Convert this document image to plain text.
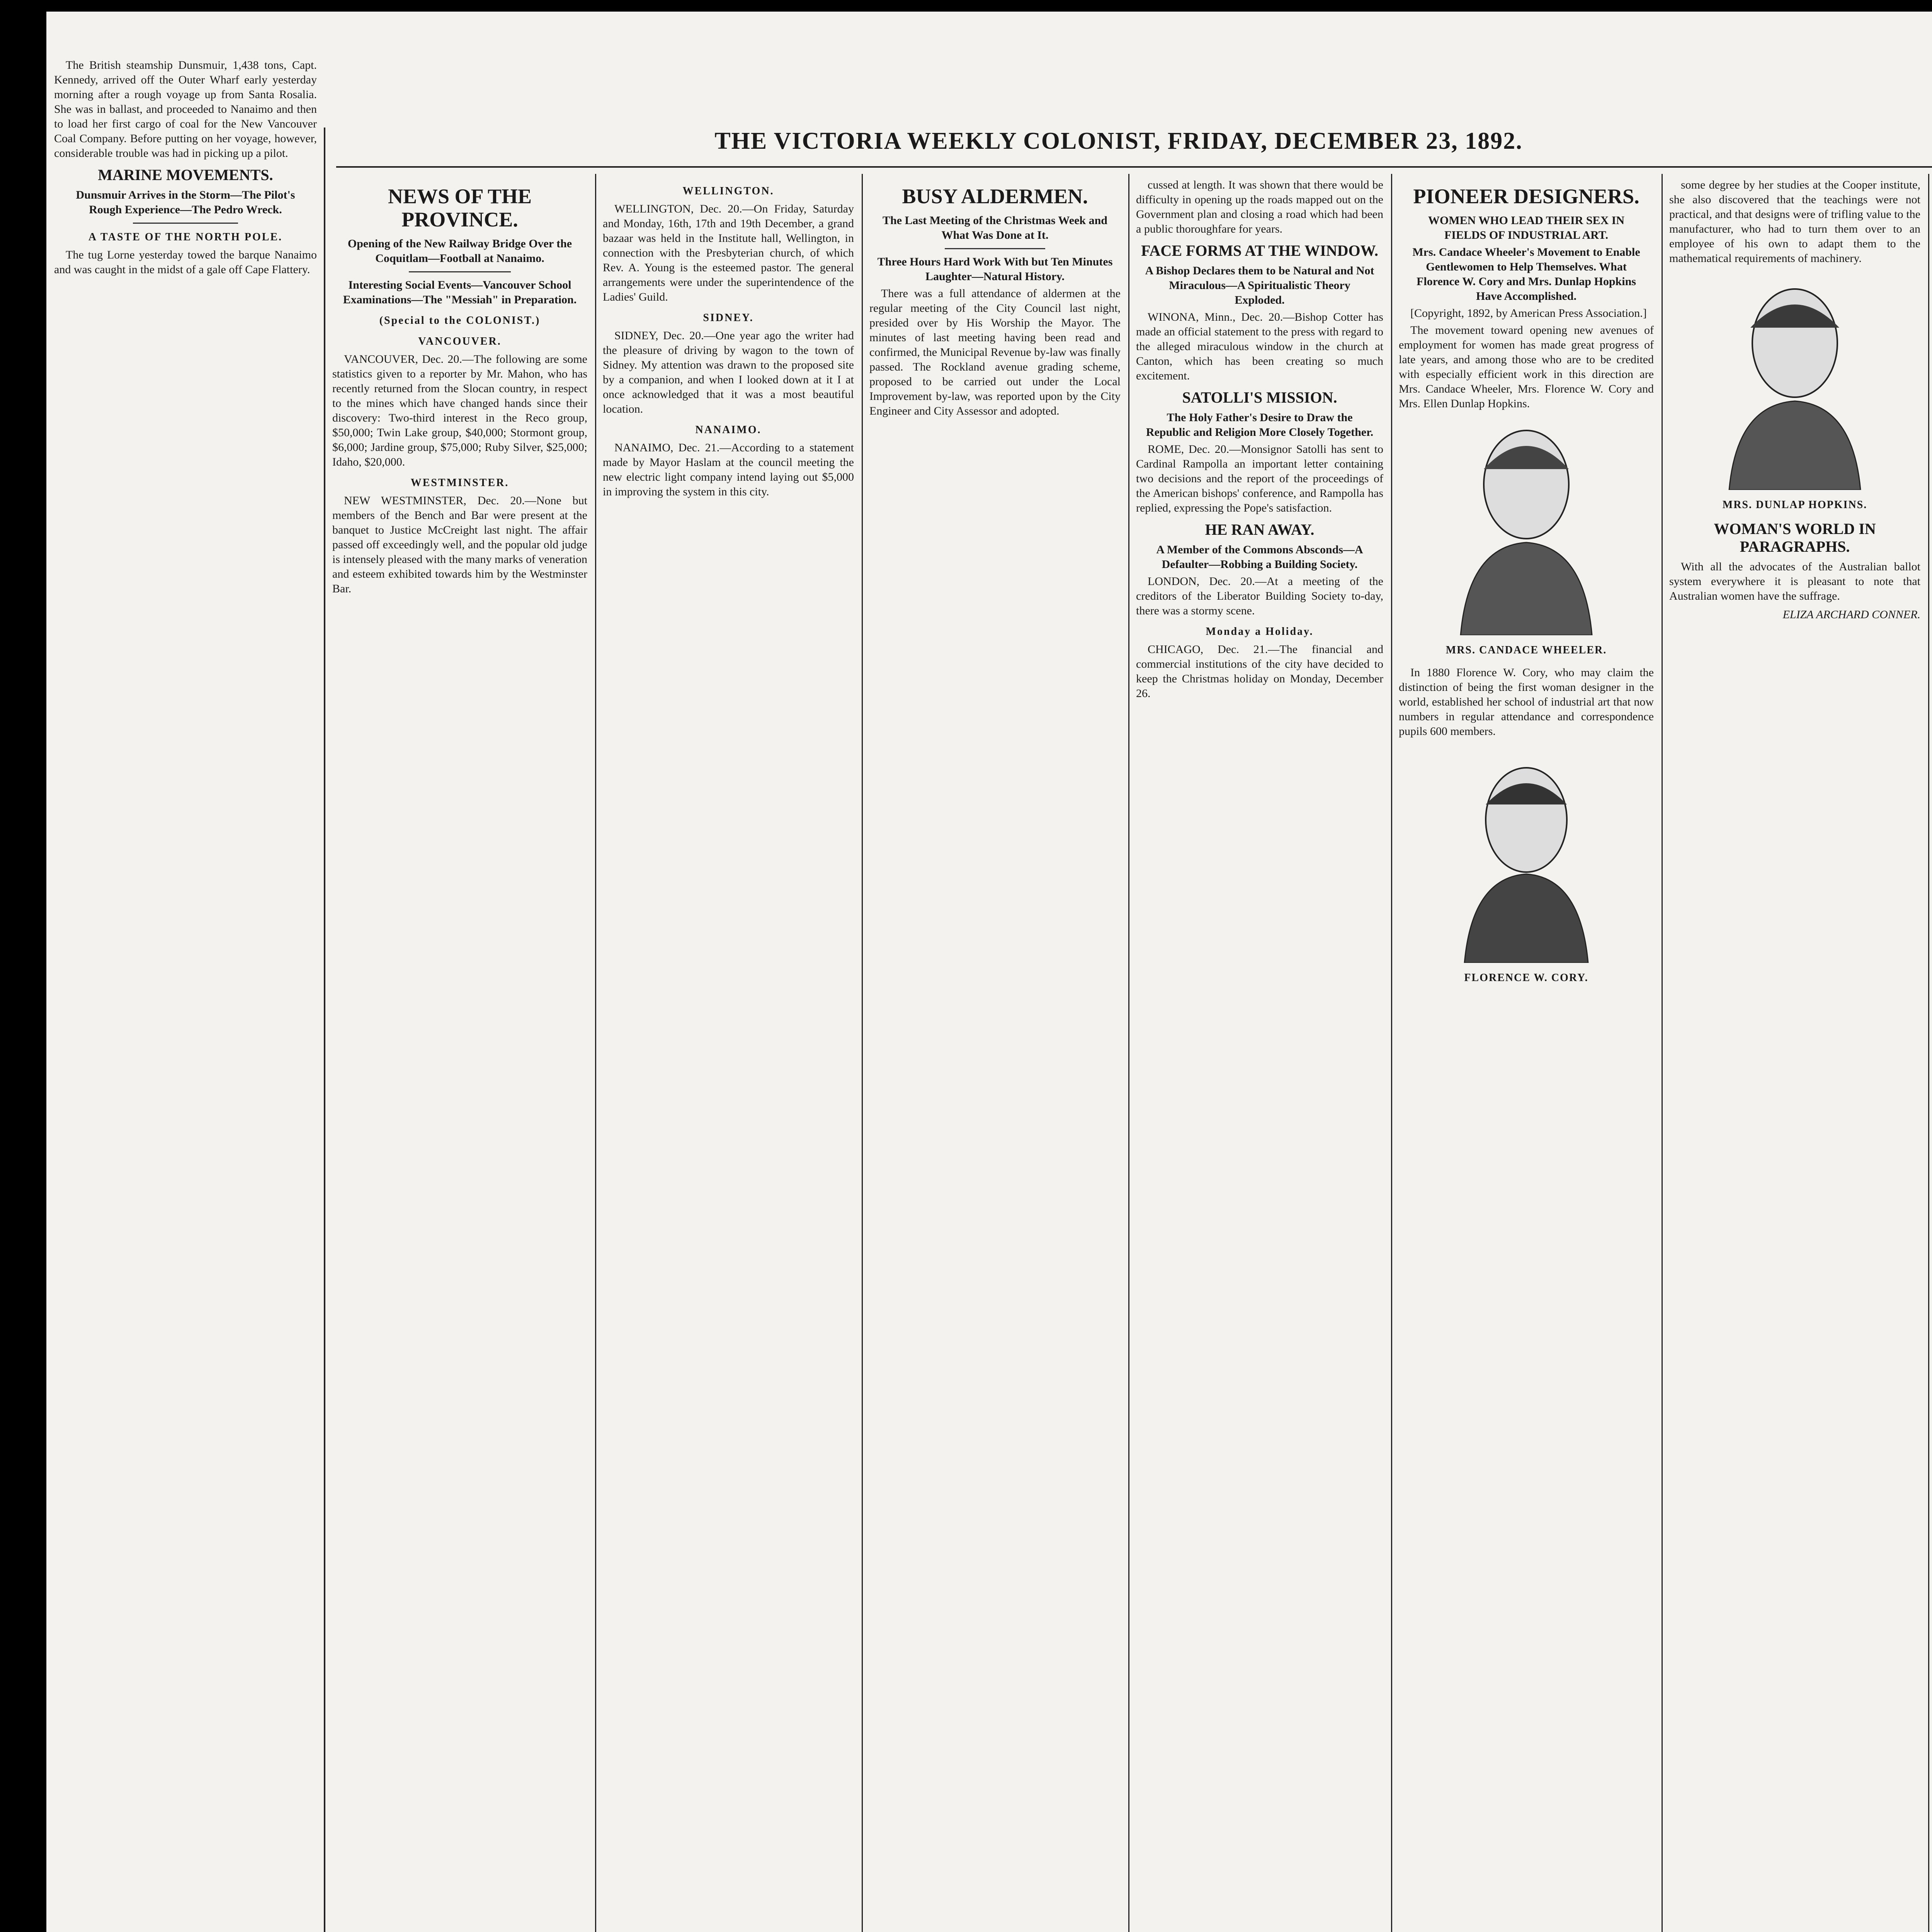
THE VICTORIA WEEKLY COLONIST, FRIDAY, DECEMBER 23, 1892.

The British steamship Dunsmuir, 1,438 tons, Capt. Kennedy, arrived off the Outer Wharf early yesterday morning after a rough voyage up from Santa Rosalia. She was in ballast, and proceeded to Nanaimo and then to load her first cargo of coal for the New Vancouver Coal Company. Before putting on her voyage, however, considerable trouble was had in picking up a pilot.

MARINE MOVEMENTS.
Dunsmuir Arrives in the Storm—The Pilot's Rough Experience—The Pedro Wreck.
A TASTE OF THE NORTH POLE.

The tug Lorne yesterday towed the barque Nanaimo and was caught in the midst of a gale off Cape Flattery.

NEWS OF THE PROVINCE.
Opening of the New Railway Bridge Over the Coquitlam—Football at Nanaimo.
Interesting Social Events—Vancouver School Examinations—The "Messiah" in Preparation.
(Special to the COLONIST.)
VANCOUVER.

VANCOUVER, Dec. 20.—The following are some statistics given to a reporter by Mr. Mahon, who has recently returned from the Slocan country, in respect to the mines which have changed hands since their discovery: Two-third interest in the Reco group, $50,000; Twin Lake group, $40,000; Stormont group, $6,000; Jardine group, $75,000; Ruby Silver, $25,000; Idaho, $20,000.

WESTMINSTER.

NEW WESTMINSTER, Dec. 20.—None but members of the Bench and Bar were present at the banquet to Justice McCreight last night. The affair passed off exceedingly well, and the popular old judge is intensely pleased with the many marks of veneration and esteem exhibited towards him by the Westminster Bar.

WELLINGTON.

WELLINGTON, Dec. 20.—On Friday, Saturday and Monday, 16th, 17th and 19th December, a grand bazaar was held in the Institute hall, Wellington, in connection with the Presbyterian church, of which Rev. A. Young is the esteemed pastor. The general arrangements were under the superintendence of the Ladies' Guild.

SIDNEY.

SIDNEY, Dec. 20.—One year ago the writer had the pleasure of driving by wagon to the town of Sidney. My attention was drawn to the proposed site by a companion, and when I looked down at it I at once acknowledged that it was a most beautiful location.

NANAIMO.

NANAIMO, Dec. 21.—According to a statement made by Mayor Haslam at the council meeting the new electric light company intend laying out $5,000 in improving the system in this city.

BUSY ALDERMEN.
The Last Meeting of the Christmas Week and What Was Done at It.
Three Hours Hard Work With but Ten Minutes Laughter—Natural History.

There was a full attendance of aldermen at the regular meeting of the City Council last night, presided over by His Worship the Mayor. The minutes of last meeting having been read and confirmed, the Municipal Revenue by-law was finally passed. The Rockland avenue grading scheme, proposed to be carried out under the Local Improvement by-law, was reported upon by the City Engineer and City Assessor and adopted.

cussed at length. It was shown that there would be difficulty in opening up the roads mapped out on the Government plan and closing a road which had been a public thoroughfare for years.

FACE FORMS AT THE WINDOW.
A Bishop Declares them to be Natural and Not Miraculous—A Spiritualistic Theory Exploded.

WINONA, Minn., Dec. 20.—Bishop Cotter has made an official statement to the press with regard to the alleged miraculous window in the church at Canton, which has been creating so much excitement.

SATOLLI'S MISSION.
The Holy Father's Desire to Draw the Republic and Religion More Closely Together.

ROME, Dec. 20.—Monsignor Satolli has sent to Cardinal Rampolla an important letter containing two decisions and the report of the proceedings of the American bishops' conference, and Rampolla has replied, expressing the Pope's satisfaction.

HE RAN AWAY.
A Member of the Commons Absconds—A Defaulter—Robbing a Building Society.

LONDON, Dec. 20.—At a meeting of the creditors of the Liberator Building Society to-day, there was a stormy scene.

Monday a Holiday.

CHICAGO, Dec. 21.—The financial and commercial institutions of the city have decided to keep the Christmas holiday on Monday, December 26.

PIONEER DESIGNERS.
WOMEN WHO LEAD THEIR SEX IN FIELDS OF INDUSTRIAL ART.
Mrs. Candace Wheeler's Movement to Enable Gentlewomen to Help Themselves. What Florence W. Cory and Mrs. Dunlap Hopkins Have Accomplished.

[Copyright, 1892, by American Press Association.]

The movement toward opening new avenues of employment for women has made great progress of late years, and among those who are to be credited with especially efficient work in this direction are Mrs. Candace Wheeler, Mrs. Florence W. Cory and Mrs. Ellen Dunlap Hopkins.

MRS. CANDACE WHEELER.

In 1880 Florence W. Cory, who may claim the distinction of being the first woman designer in the world, established her school of industrial art that now numbers in regular attendance and correspondence pupils 600 members.

FLORENCE W. CORY.

some degree by her studies at the Cooper institute, she also discovered that the teachings were not practical, and that designs were of trifling value to the manufacturer, who had to turn them over to an employee of his own to adapt them to the mathematical requirements of machinery.

MRS. DUNLAP HOPKINS.
WOMAN'S WORLD IN PARAGRAPHS.

With all the advocates of the Australian ballot system everywhere it is pleasant to note that Australian women have the suffrage.

ELIZA ARCHARD CONNER.
